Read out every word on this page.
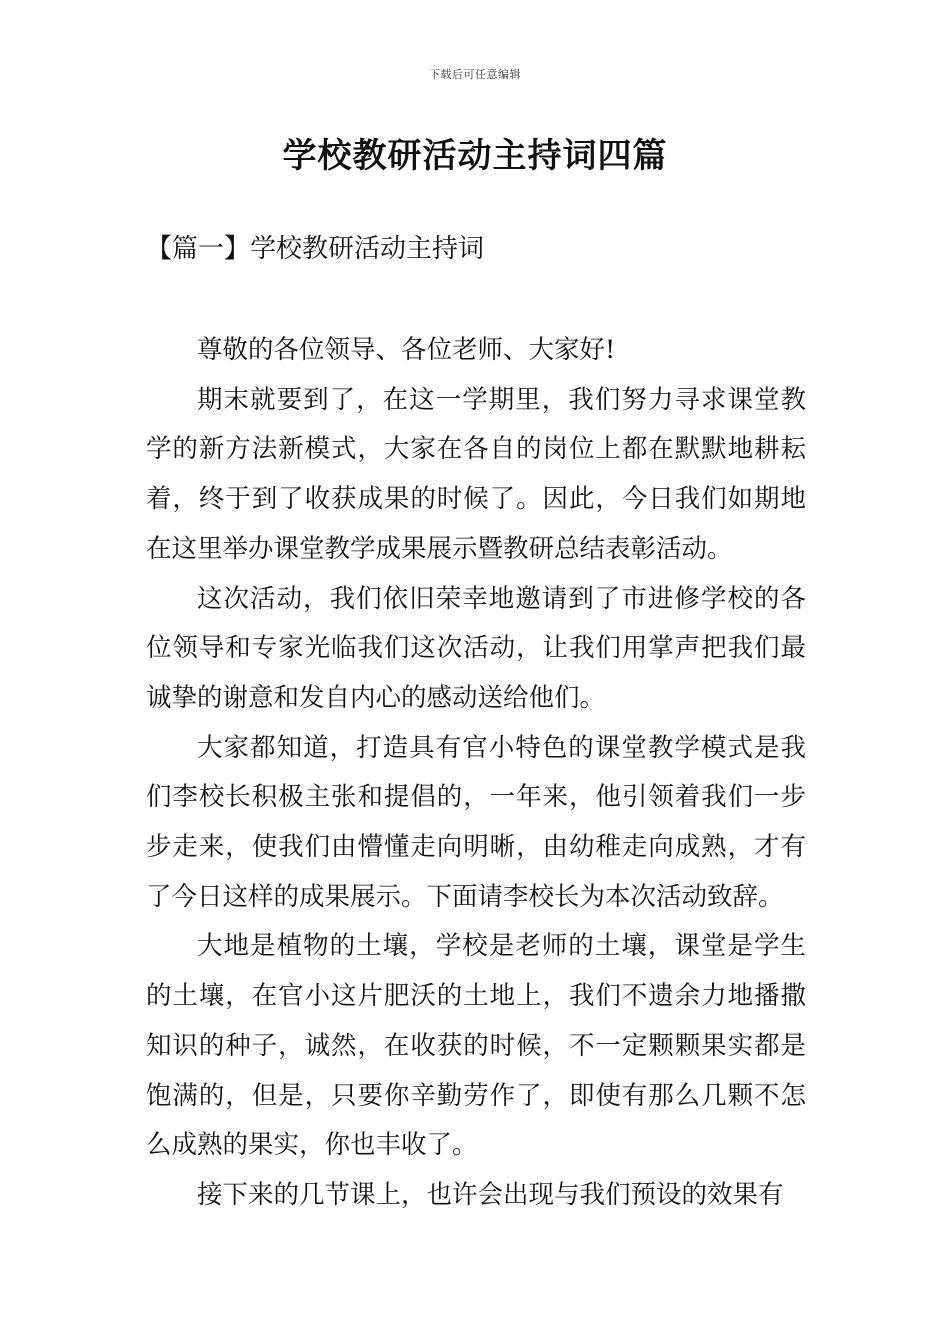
下载后可任意编辑
学校教研活动主持词四篇
【篇一】学校教研活动主持词

尊敬的各位领导、各位老师、大家好!

期末就要到了，在这一学期里，我们努力寻求课堂教学的新方法新模式，大家在各自的岗位上都在默默地耕耘着，终于到了收获成果的时候了。因此，今日我们如期地在这里举办课堂教学成果展示暨教研总结表彰活动。

这次活动，我们依旧荣幸地邀请到了市进修学校的各位领导和专家光临我们这次活动，让我们用掌声把我们最诚挚的谢意和发自内心的感动送给他们。

大家都知道，打造具有官小特色的课堂教学模式是我们李校长积极主张和提倡的，一年来，他引领着我们一步步走来，使我们由懵懂走向明晰，由幼稚走向成熟，才有了今日这样的成果展示。下面请李校长为本次活动致辞。

大地是植物的土壤，学校是老师的土壤，课堂是学生的土壤，在官小这片肥沃的土地上，我们不遗余力地播撒知识的种子，诚然，在收获的时候，不一定颗颗果实都是饱满的，但是，只要你辛勤劳作了，即使有那么几颗不怎么成熟的果实，你也丰收了。

接下来的几节课上，也许会出现与我们预设的效果有
